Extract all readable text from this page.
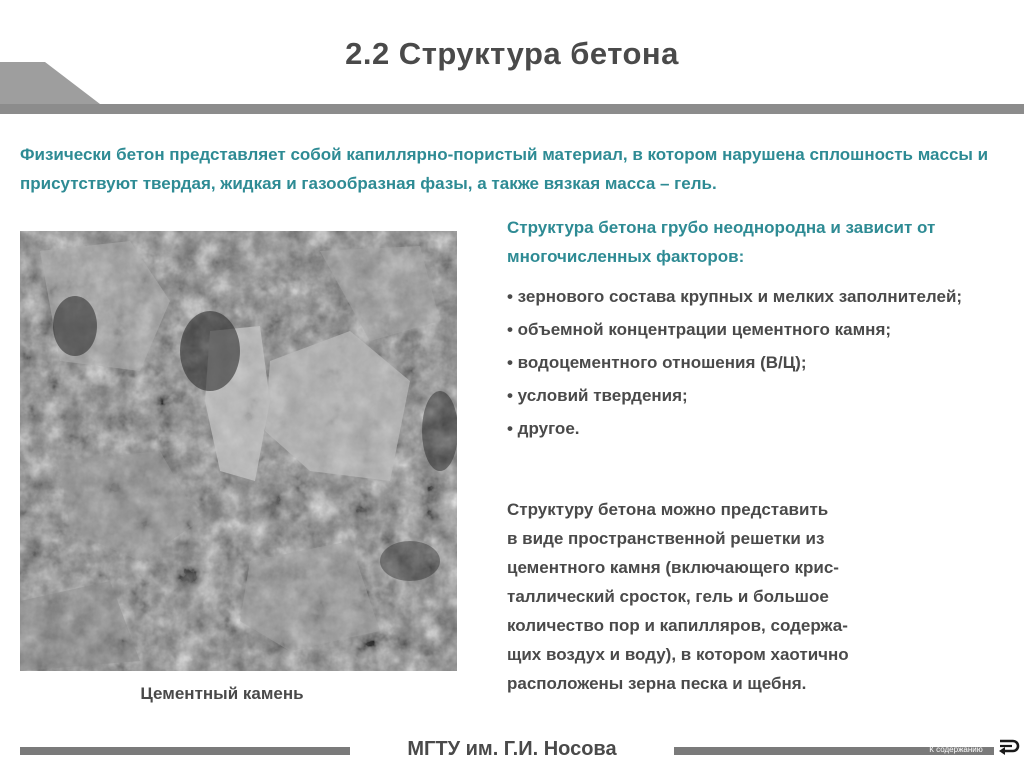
2.2 Структура бетона
Физически бетон представляет собой капиллярно-пористый материал, в котором нарушена сплошность массы и присутствуют твердая, жидкая и газообразная фазы, а также вязкая масса – гель.
Цементный камень
Структура бетона грубо неоднородна и зависит от многочисленных факторов:
• зернового состава крупных и мелких заполнителей;
• объемной концентрации цементного камня;
• водоцементного отношения (В/Ц);
• условий твердения;
• другое.
Структуру бетона можно представить
в виде пространственной решетки из
цементного камня (включающего крис-
таллический сросток, гель и большое
количество пор и капилляров, содержа-
щих воздух и воду), в котором хаотично
расположены зерна песка и щебня.
МГТУ им. Г.И. Носова	К содержанию
